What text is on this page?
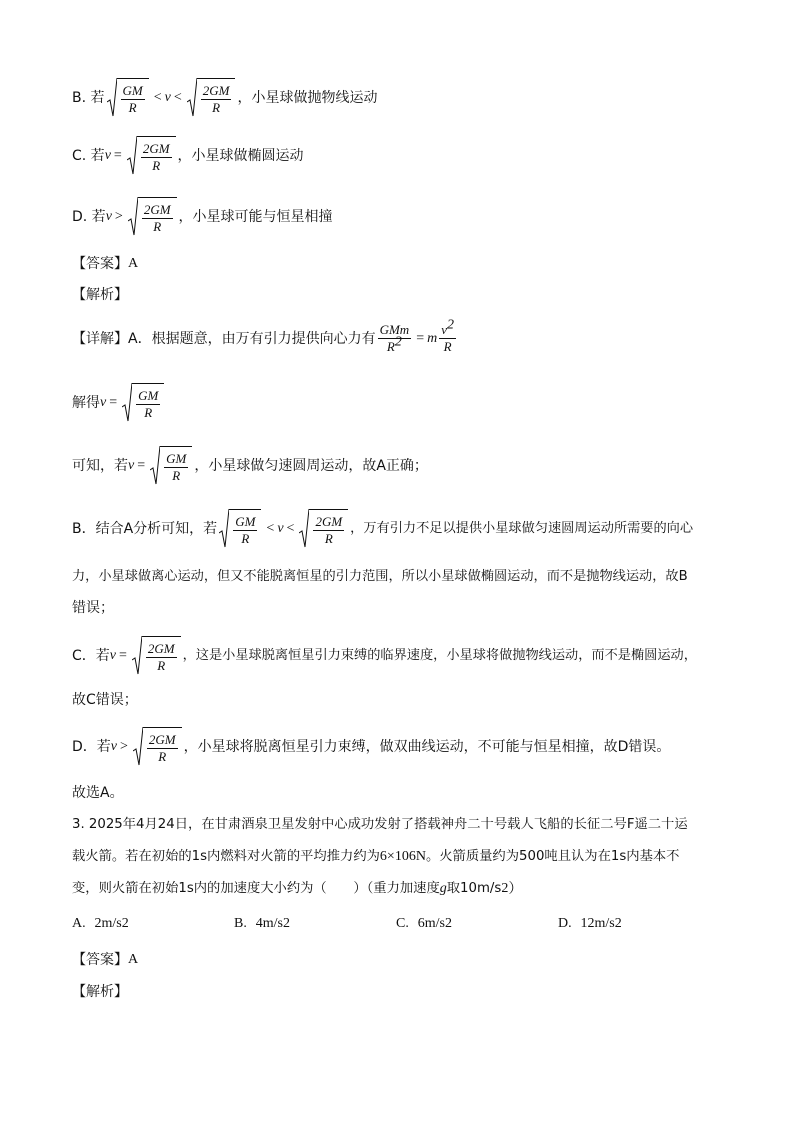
B. 若 $\frac{GM}{R} < v < \frac{2GM}{R}$ ，小星球做抛物线运动
C. 若 $v = \frac{2GM}{R}$ ，小星球做椭圆运动
D. 若 $v > \frac{2GM}{R}$ ，小星球可能与恒星相撞
【答案】 A
【解析】
【详解】 A．根据题意，由万有引力提供向心力有 $\frac{\text{GMm}}{R^2} = m \frac{v^2}{R}$
解得 $v = \frac{GM}{R}$
可知，若 $v = \frac{GM}{R}$ ，小星球做匀速圆周运动，故A正确；
B．结合A分析可知，若 $\frac{GM}{R} < v < \frac{2GM}{R}$ ，万有引力不足以提供小星球做匀速圆周运动所需要的向心
力，小星球做离心运动，但又不能脱离恒星的引力范围，所以小星球做椭圆运动，而不是抛物线运动，故B
错误；
C．若 $v = \frac{2GM}{R}$ ，这是小星球脱离恒星引力束缚的临界速度，小星球将做抛物线运动，而不是椭圆运动，
故C错误；
D．若 $v > \frac{2GM}{R}$ ，小星球将脱离恒星引力束缚，做双曲线运动，不可能与恒星相撞，故D错误。
故选A。
3. 2025年4月24日，在甘肃酒泉卫星发射中心成功发射了搭载神舟二十号载人飞船的长征二号F遥二十运
载火箭。若在初始的1s内燃料对火箭的平均推力约为 6×10 6 N 。火箭质量约为500吨且认为在1s内基本不
变，则火箭在初始1s内的加速度大小约为（　　）（重力加速度 g 取10m/s 2 ）
A.
2m/s 2	B.
4m/s 2	C.
6m/s 2	D.
12m/s 2
【答案】 A
【解析】
